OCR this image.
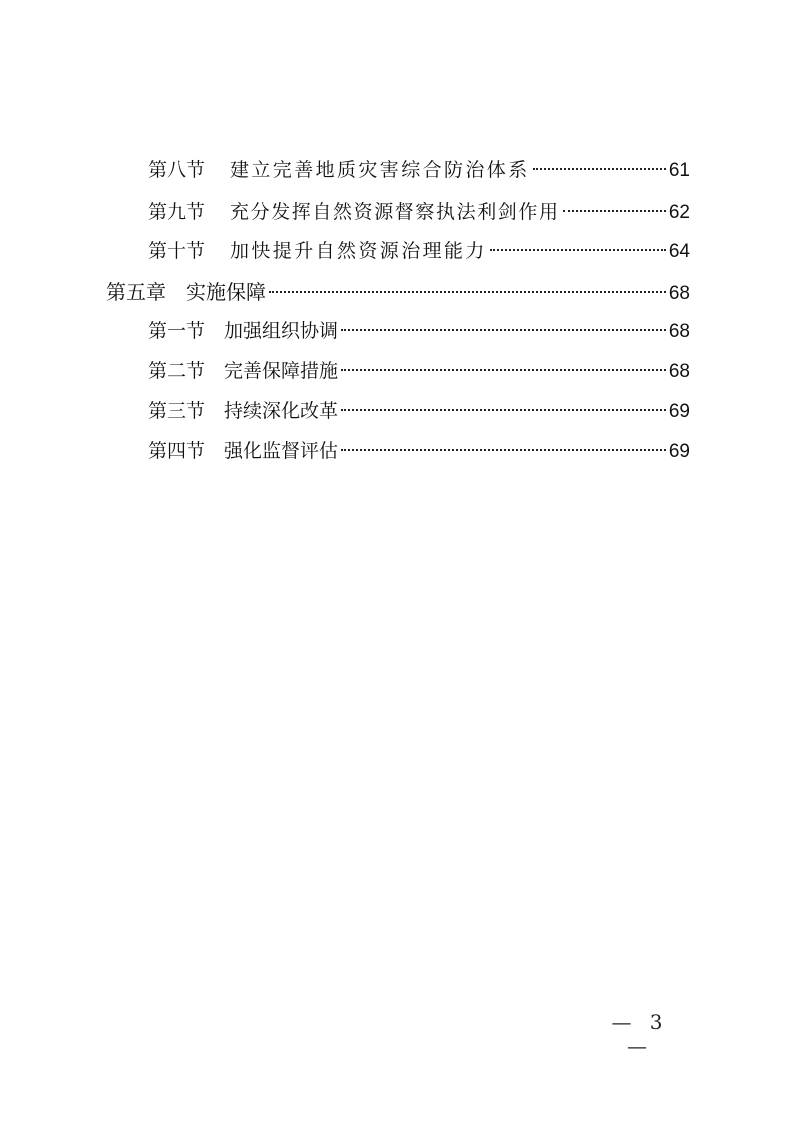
第八节	建立完善地质灾害综合防治体系	61
第九节	充分发挥自然资源督察执法利剑作用	62
第十节	加快提升自然资源治理能力	64
第五章	实施保障	68
第一节 加强组织协调	68
第二节 完善保障措施	68
第三节 持续深化改革	69
第四节 强化监督评估	69
— 3 —
